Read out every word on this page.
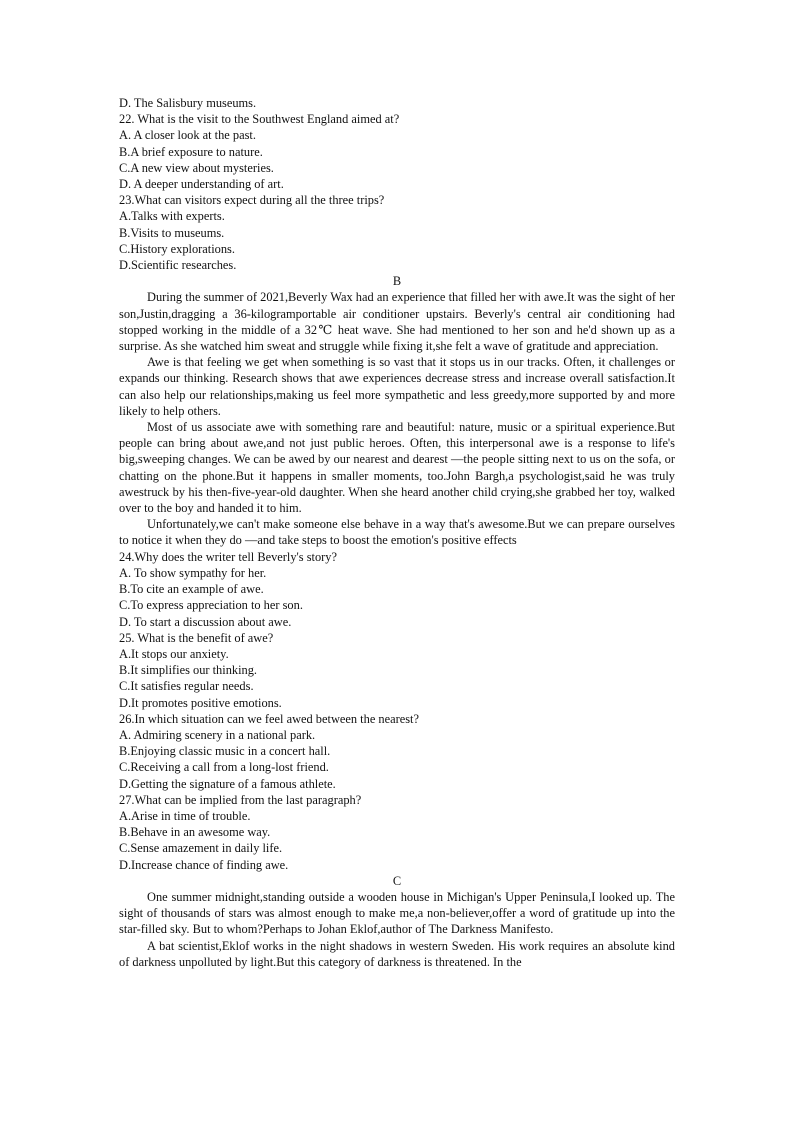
D. The Salisbury museums.
22. What is the visit to the Southwest England aimed at?
A. A closer look at the past.
B.A brief exposure to nature.
C.A new view about mysteries.
D. A deeper understanding of art.
23.What can visitors expect during all the three trips?
A.Talks with experts.
B.Visits to museums.
C.History explorations.
D.Scientific researches.
B
During the summer of 2021,Beverly Wax had an experience that filled her with awe.It was the sight of her son,Justin,dragging a 36-kilogramportable air conditioner upstairs. Beverly's central air conditioning had stopped working in the middle of a 32℃ heat wave. She had mentioned to her son and he'd shown up as a surprise. As she watched him sweat and struggle while fixing it,she felt a wave of gratitude and appreciation.
Awe is that feeling we get when something is so vast that it stops us in our tracks. Often, it challenges or expands our thinking. Research shows that awe experiences decrease stress and increase overall satisfaction.It can also help our relationships,making us feel more sympathetic and less greedy,more supported by and more likely to help others.
Most of us associate awe with something rare and beautiful: nature, music or a spiritual experience.But people can bring about awe,and not just public heroes. Often, this interpersonal awe is a response to life's big,sweeping changes. We can be awed by our nearest and dearest —the people sitting next to us on the sofa, or chatting on the phone.But it happens in smaller moments, too.John Bargh,a psychologist,said he was truly awestruck by his then-five-year-old daughter. When she heard another child crying,she grabbed her toy, walked over to the boy and handed it to him.
Unfortunately,we can't make someone else behave in a way that's awesome.But we can prepare ourselves to notice it when they do —and take steps to boost the emotion's positive effects
24.Why does the writer tell Beverly's story?
A. To show sympathy for her.
B.To cite an example of awe.
C.To express appreciation to her son.
D. To start a discussion about awe.
25. What is the benefit of awe?
A.It stops our anxiety.
B.It simplifies our thinking.
C.It satisfies regular needs.
D.It promotes positive emotions.
26.In which situation can we feel awed between the nearest?
A. Admiring scenery in a national park.
B.Enjoying classic music in a concert hall.
C.Receiving a call from a long-lost friend.
D.Getting the signature of a famous athlete.
27.What can be implied from the last paragraph?
A.Arise in time of trouble.
B.Behave in an awesome way.
C.Sense amazement in daily life.
D.Increase chance of finding awe.
C
One summer midnight,standing outside a wooden house in Michigan's Upper Peninsula,I looked up. The sight of thousands of stars was almost enough to make me,a non-believer,offer a word of gratitude up into the star-filled sky. But to whom?Perhaps to Johan Eklof,author of The Darkness Manifesto.
A bat scientist,Eklof works in the night shadows in western Sweden. His work requires an absolute kind of darkness unpolluted by light.But this category of darkness is threatened. In the
